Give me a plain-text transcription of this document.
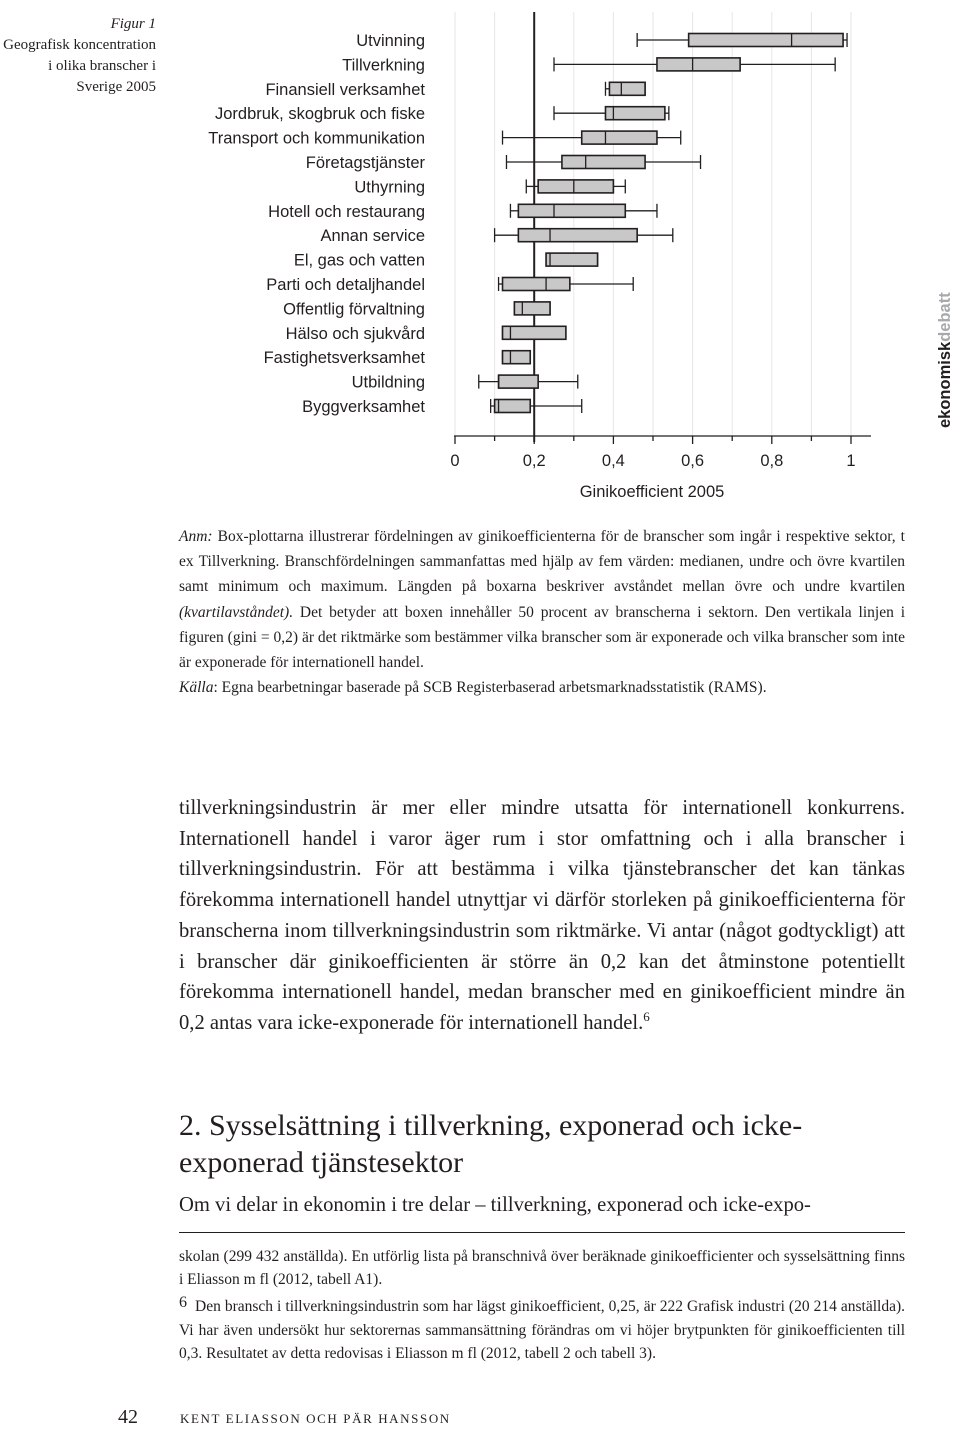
Figur 1
Geografisk koncentration i olika branscher i Sverige 2005
Utvinning
Tillverkning
Finansiell verksamhet
Jordbruk, skogbruk och fiske
Transport och kommunikation
Företagstjänster
Uthyrning
Hotell och restaurang
Annan service
El, gas och vatten
Parti och detaljhandel
Offentlig förvaltning
Hälso och sjukvård
Fastighetsverksamhet
Utbildning
Byggverksamhet
0	0,2	0,4	0,6	0,8	1
Ginikoefficient 2005
ekonomiskdebatt

Anm: Box-plottarna illustrerar fördelningen av ginikoefficienterna för de branscher som ingår i respektive sektor, t ex Tillverkning. Branschfördelningen sammanfattas med hjälp av fem värden: medianen, undre och övre kvartilen samt minimum och maximum. Längden på boxarna beskriver avståndet mellan övre och undre kvartilen (kvartilavståndet). Det betyder att boxen innehåller 50 procent av branscherna i sektorn. Den vertikala linjen i figuren (gini = 0,2) är det riktmärke som bestämmer vilka branscher som är exponerade och vilka branscher som inte är exponerade för internationell handel.

Källa: Egna bearbetningar baserade på SCB Registerbaserad arbetsmarknadsstatistik (RAMS).

tillverkningsindustrin är mer eller mindre utsatta för internationell konkurrens. Internationell handel i varor äger rum i stor omfattning och i alla branscher i tillverkningsindustrin. För att bestämma i vilka tjänstebranscher det kan tänkas förekomma internationell handel utnyttjar vi därför storleken på ginikoefficienterna för branscherna inom tillverkningsindustrin som riktmärke. Vi antar (något godtyckligt) att i branscher där ginikoefficienten är större än 0,2 kan det åtminstone potentiellt förekomma internationell handel, medan branscher med en ginikoefficient mindre än 0,2 antas vara icke-exponerade för internationell handel.$^6$

2. Sysselsättning i tillverkning, exponerad och icke-exponerad tjänstesektor

Om vi delar in ekonomin i tre delar – tillverkning, exponerad och icke-expo-

skolan (299 432 anställda). En utförlig lista på branschnivå över beräknade ginikoefficienter och sysselsättning finns i Eliasson m fl (2012, tabell A1).

6 Den bransch i tillverkningsindustrin som har lägst ginikoefficient, 0,25, är 222 Grafisk industri (20 214 anställda). Vi har även undersökt hur sektorernas sammansättning förändras om vi höjer brytpunkten för ginikoefficienten till 0,3. Resultatet av detta redovisas i Eliasson m fl (2012, tabell 2 och tabell 3).

42	KENT ELIASSON OCH PÄR HANSSON
